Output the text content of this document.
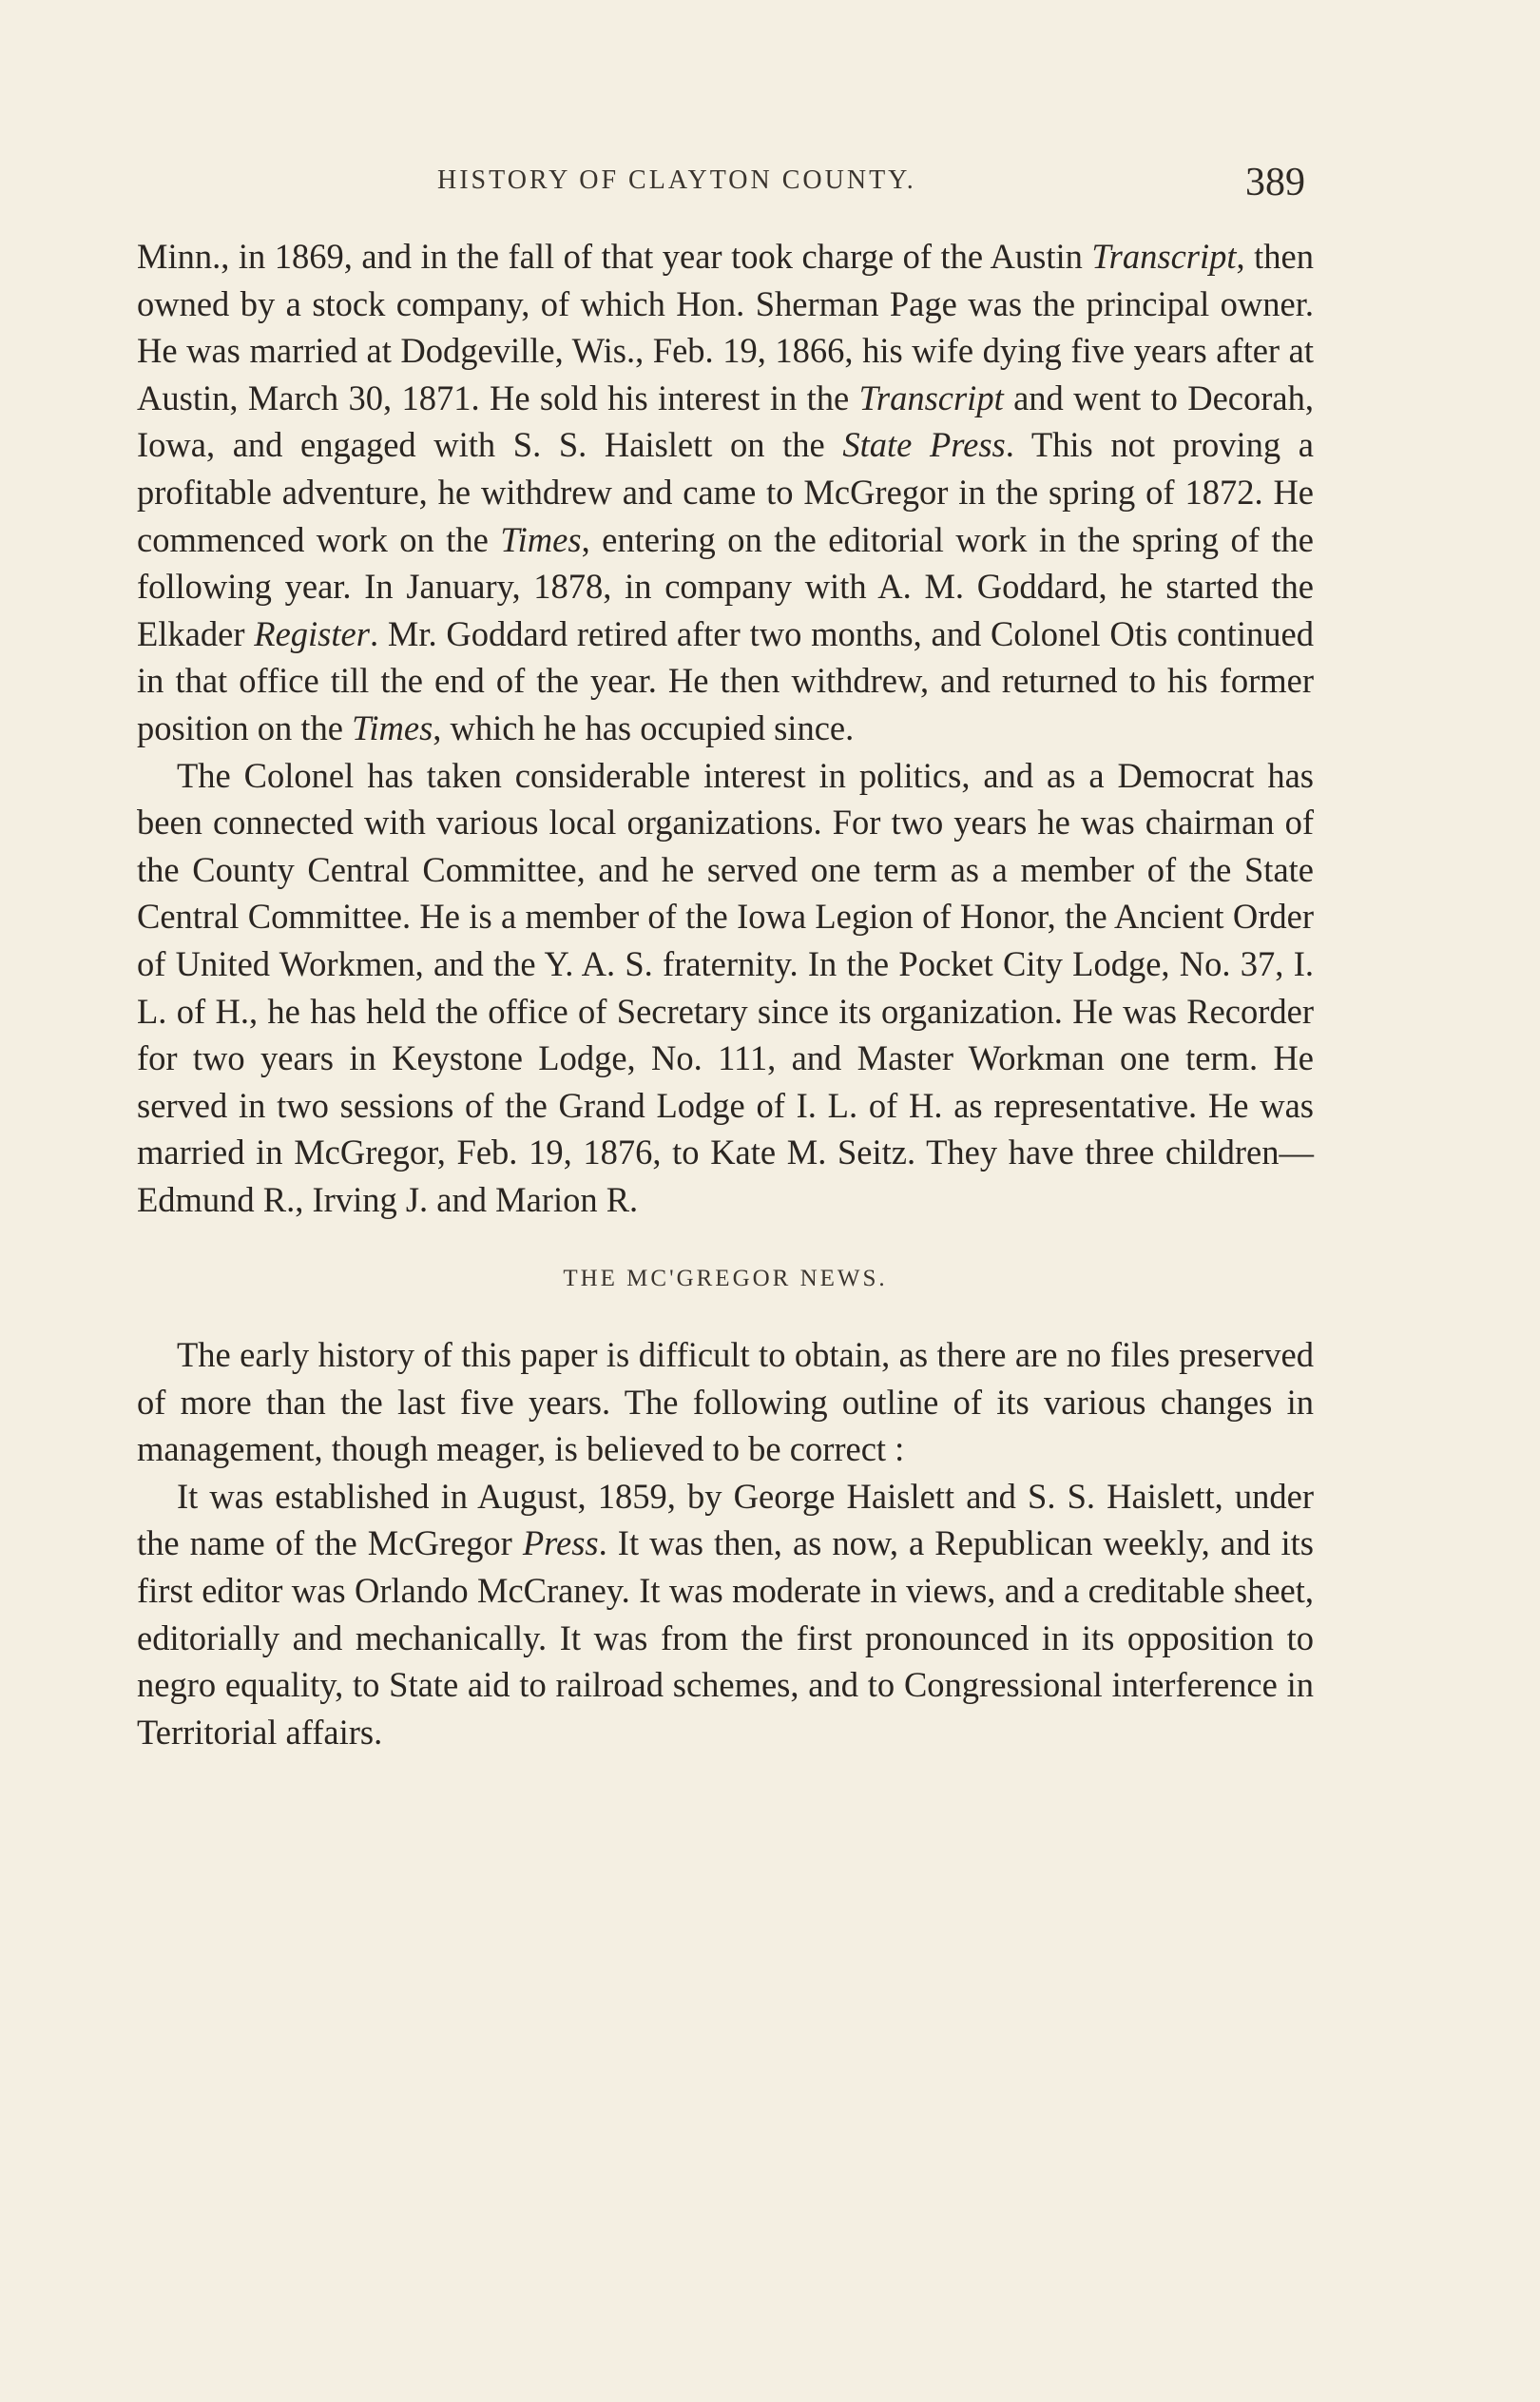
HISTORY OF CLAYTON COUNTY.	389

Minn., in 1869, and in the fall of that year took charge of the Austin Transcript, then owned by a stock company, of which Hon. Sherman Page was the principal owner. He was married at Dodgeville, Wis., Feb. 19, 1866, his wife dying five years after at Austin, March 30, 1871. He sold his interest in the Transcript and went to Decorah, Iowa, and engaged with S. S. Haislett on the State Press. This not proving a profitable adventure, he withdrew and came to McGregor in the spring of 1872. He commenced work on the Times, entering on the editorial work in the spring of the following year. In January, 1878, in company with A. M. Goddard, he started the Elkader Register. Mr. Goddard retired after two months, and Colonel Otis continued in that office till the end of the year. He then withdrew, and returned to his former position on the Times, which he has occupied since.

The Colonel has taken considerable interest in politics, and as a Democrat has been connected with various local organizations. For two years he was chairman of the County Central Committee, and he served one term as a member of the State Central Committee. He is a member of the Iowa Legion of Honor, the Ancient Order of United Workmen, and the Y. A. S. fraternity. In the Pocket City Lodge, No. 37, I. L. of H., he has held the office of Secretary since its organization. He was Recorder for two years in Keystone Lodge, No. 111, and Master Workman one term. He served in two sessions of the Grand Lodge of I. L. of H. as representative. He was married in McGregor, Feb. 19, 1876, to Kate M. Seitz. They have three children—Edmund R., Irving J. and Marion R.

THE MC'GREGOR NEWS.

The early history of this paper is difficult to obtain, as there are no files preserved of more than the last five years. The following outline of its various changes in management, though meager, is believed to be correct :

It was established in August, 1859, by George Haislett and S. S. Haislett, under the name of the McGregor Press. It was then, as now, a Republican weekly, and its first editor was Orlando McCraney. It was moderate in views, and a creditable sheet, editorially and mechanically. It was from the first pronounced in its opposition to negro equality, to State aid to railroad schemes, and to Congressional interference in Territorial affairs.
